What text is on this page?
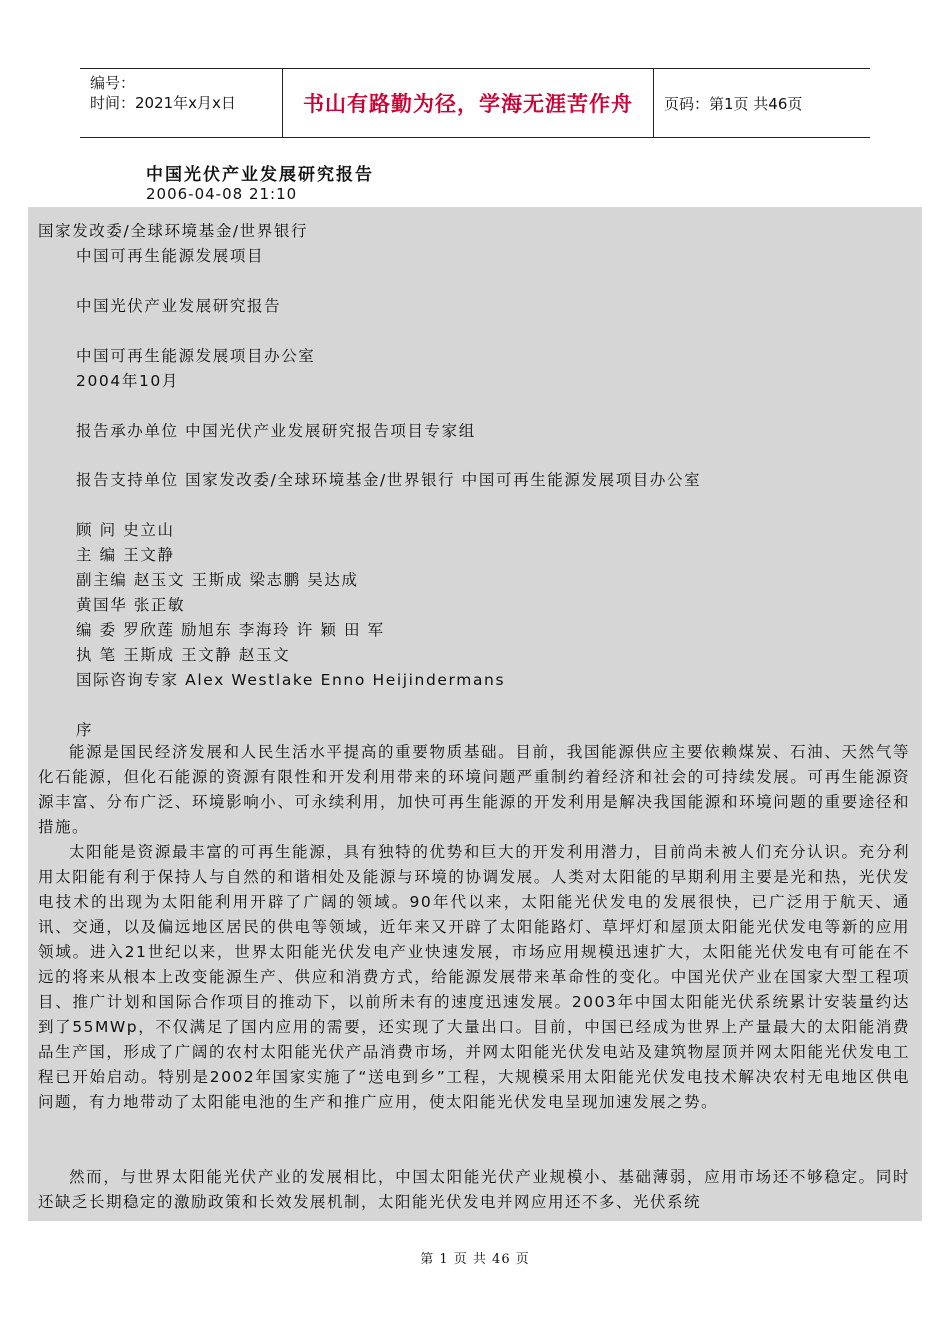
编号：
时间：2021年x月x日	书山有路勤为径，学海无涯苦作舟	页码：第1页 共46页
中国光伏产业发展研究报告
2006-04-08 21:10
国家发改委/全球环境基金/世界银行
中国可再生能源发展项目
中国光伏产业发展研究报告
中国可再生能源发展项目办公室
2004年10月
报告承办单位 中国光伏产业发展研究报告项目专家组
报告支持单位 国家发改委/全球环境基金/世界银行 中国可再生能源发展项目办公室
顾 问 史立山
主 编 王文静
副主编 赵玉文 王斯成 梁志鹏 吴达成
黄国华 张正敏
编 委 罗欣莲 励旭东 李海玲 许 颖 田 军
执 笔 王斯成 王文静 赵玉文
国际咨询专家 Alex Westlake Enno Heijindermans
序
能源是国民经济发展和人民生活水平提高的重要物质基础。目前，我国能源供应主要依赖煤炭、石油、天然气等化石能源，但化石能源的资源有限性和开发利用带来的环境问题严重制约着经济和社会的可持续发展。可再生能源资源丰富、分布广泛、环境影响小、可永续利用，加快可再生能源的开发利用是解决我国能源和环境问题的重要途径和措施。
太阳能是资源最丰富的可再生能源，具有独特的优势和巨大的开发利用潜力，目前尚未被人们充分认识。充分利用太阳能有利于保持人与自然的和谐相处及能源与环境的协调发展。人类对太阳能的早期利用主要是光和热，光伏发电技术的出现为太阳能利用开辟了广阔的领域。90年代以来，太阳能光伏发电的发展很快，已广泛用于航天、通讯、交通，以及偏远地区居民的供电等领域，近年来又开辟了太阳能路灯、草坪灯和屋顶太阳能光伏发电等新的应用领域。进入21世纪以来，世界太阳能光伏发电产业快速发展，市场应用规模迅速扩大，太阳能光伏发电有可能在不远的将来从根本上改变能源生产、供应和消费方式，给能源发展带来革命性的变化。中国光伏产业在国家大型工程项目、推广计划和国际合作项目的推动下，以前所未有的速度迅速发展。2003年中国太阳能光伏系统累计安装量约达到了55MWp，不仅满足了国内应用的需要，还实现了大量出口。目前，中国已经成为世界上产量最大的太阳能消费品生产国，形成了广阔的农村太阳能光伏产品消费市场，并网太阳能光伏发电站及建筑物屋顶并网太阳能光伏发电工程已开始启动。特别是2002年国家实施了“送电到乡”工程，大规模采用太阳能光伏发电技术解决农村无电地区供电问题，有力地带动了太阳能电池的生产和推广应用，使太阳能光伏发电呈现加速发展之势。
然而，与世界太阳能光伏产业的发展相比，中国太阳能光伏产业规模小、基础薄弱，应用市场还不够稳定。同时还缺乏长期稳定的激励政策和长效发展机制，太阳能光伏发电并网应用还不多、光伏系统
第 1 页 共 46 页
